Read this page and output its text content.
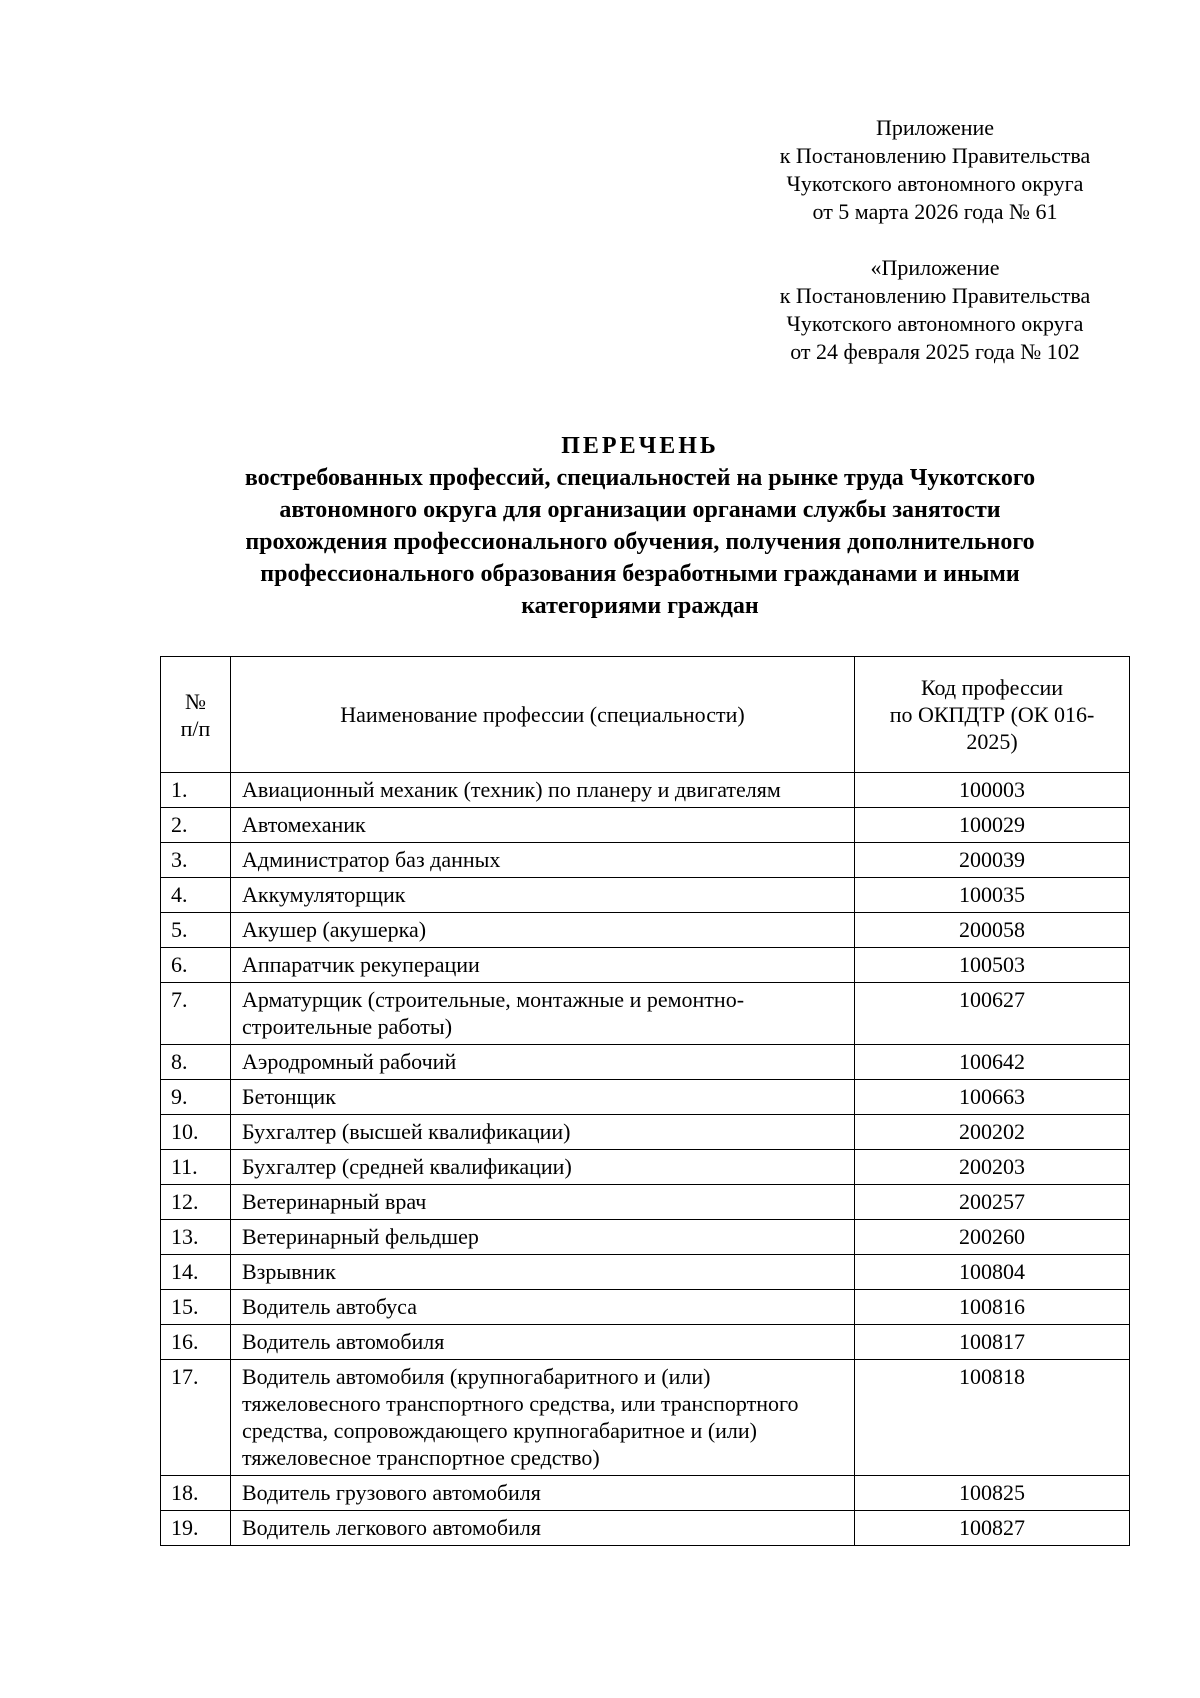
Приложение
к Постановлению Правительства
Чукотского автономного округа
от 5 марта 2026 года № 61
«Приложение
к Постановлению Правительства
Чукотского автономного округа
от 24 февраля 2025 года № 102
ПЕРЕЧЕНЬ
востребованных профессий, специальностей на рынке труда Чукотского
автономного округа для организации органами службы занятости
прохождения профессионального обучения, получения дополнительного
профессионального образования безработными гражданами и иными
категориями граждан
№
п/п	Наименование профессии (специальности)	Код профессии
по ОКПДТР (ОК 016-
2025)
1.	Авиационный механик (техник) по планеру и двигателям	100003
2.	Автомеханик	100029
3.	Администратор баз данных	200039
4.	Аккумуляторщик	100035
5.	Акушер (акушерка)	200058
6.	Аппаратчик рекуперации	100503
7.	Арматурщик (строительные, монтажные и ремонтно-строительные работы)	100627
8.	Аэродромный рабочий	100642
9.	Бетонщик	100663
10.	Бухгалтер (высшей квалификации)	200202
11.	Бухгалтер (средней квалификации)	200203
12.	Ветеринарный врач	200257
13.	Ветеринарный фельдшер	200260
14.	Взрывник	100804
15.	Водитель автобуса	100816
16.	Водитель автомобиля	100817
17.	Водитель автомобиля (крупногабаритного и (или) тяжеловесного транспортного средства, или транспортного средства, сопровождающего крупногабаритное и (или) тяжеловесное транспортное средство)	100818
18.	Водитель грузового автомобиля	100825
19.	Водитель легкового автомобиля	100827
